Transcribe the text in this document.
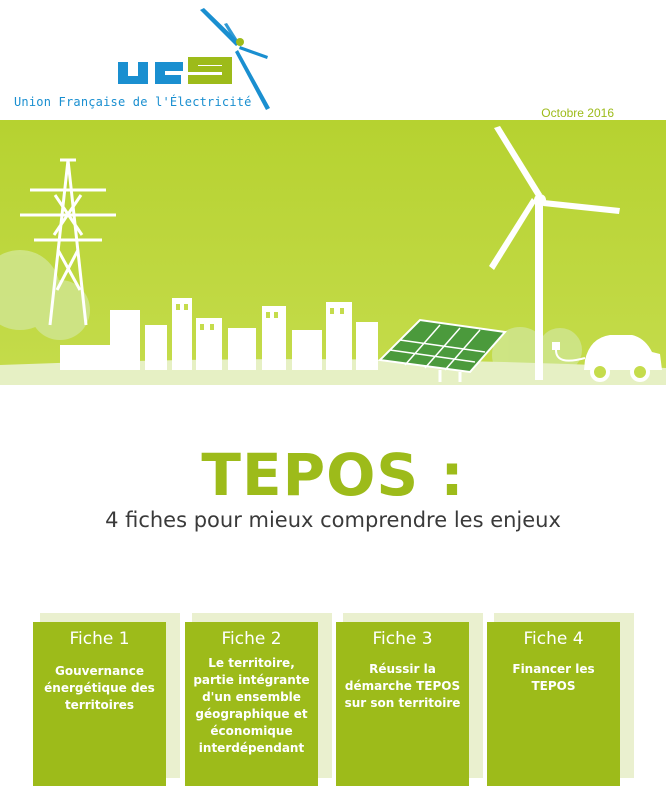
Union Française de l'Électricité
Octobre 2016
TEPOS :
4 fiches pour mieux comprendre les enjeux
Fiche 1
Gouvernance énergétique des territoires
Fiche 2
Le territoire, partie intégrante d'un ensemble géographique et économique interdépendant
Fiche 3
Réussir la démarche TEPOS sur son territoire
Fiche 4
Financer les TEPOS
